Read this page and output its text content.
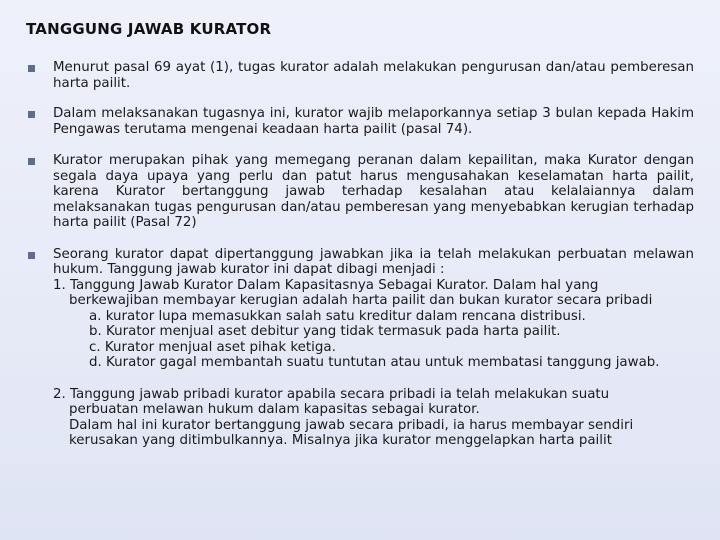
TANGGUNG JAWAB KURATOR
Menurut pasal 69 ayat (1), tugas kurator adalah melakukan pengurusan dan/atau pemberesan harta pailit.
Dalam melaksanakan tugasnya ini, kurator wajib melaporkannya setiap 3 bulan kepada Hakim Pengawas terutama mengenai keadaan harta pailit (pasal 74).
Kurator merupakan pihak yang memegang peranan dalam kepailitan, maka Kurator dengan segala daya upaya yang perlu dan patut harus mengusahakan keselamatan harta pailit, karena Kurator bertanggung jawab terhadap kesalahan atau kelalaiannya dalam melaksanakan tugas pengurusan dan/atau pemberesan yang menyebabkan kerugian terhadap harta pailit (Pasal 72)
Seorang kurator dapat dipertanggung jawabkan jika ia telah melakukan perbuatan melawan hukum. Tanggung jawab kurator ini dapat dibagi menjadi :
1. Tanggung Jawab Kurator Dalam Kapasitasnya Sebagai Kurator. Dalam hal yang
berkewajiban membayar kerugian adalah harta pailit dan bukan kurator secara pribadi
a. kurator lupa memasukkan salah satu kreditur dalam rencana distribusi.
b. Kurator menjual aset debitur yang tidak termasuk pada harta pailit.
c. Kurator menjual aset pihak ketiga.
d. Kurator gagal membantah suatu tuntutan atau untuk membatasi tanggung jawab.
2. Tanggung jawab pribadi kurator apabila secara pribadi ia telah melakukan suatu
perbuatan melawan hukum dalam kapasitas sebagai kurator.
Dalam hal ini kurator bertanggung jawab secara pribadi, ia harus membayar sendiri
kerusakan yang ditimbulkannya. Misalnya jika kurator menggelapkan harta pailit
